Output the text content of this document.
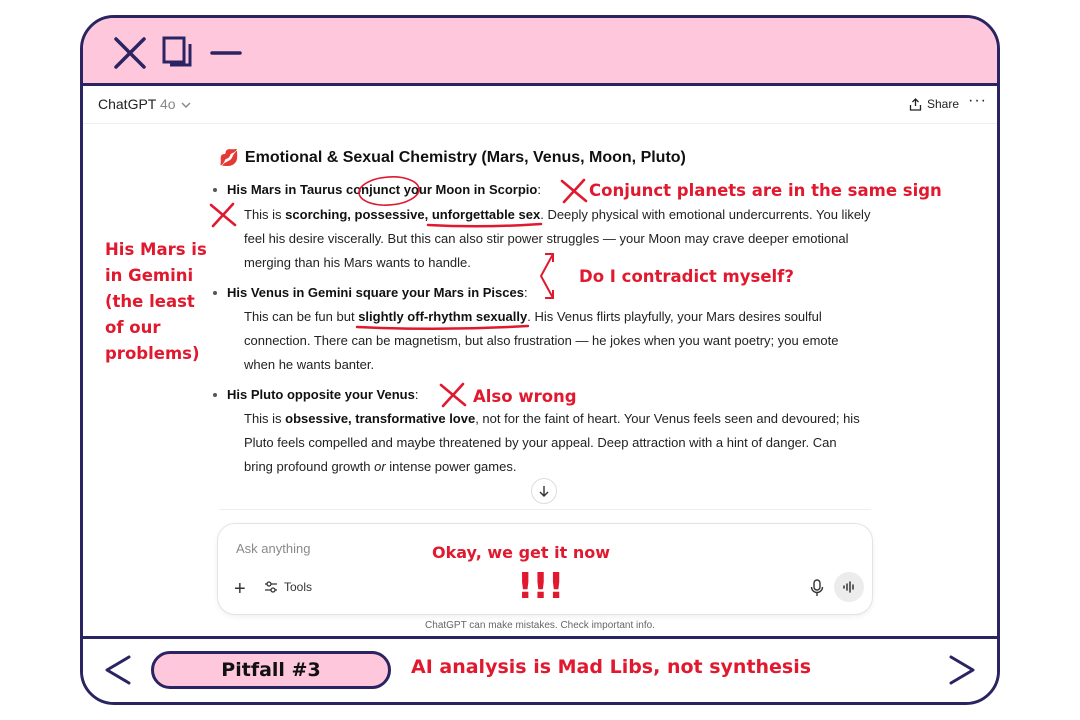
ChatGPT 4o	Share ···
💋 Emotional & Sexual Chemistry (Mars, Venus, Moon, Pluto)
His Mars in Taurus conjunct your Moon in Scorpio:
This is scorching, possessive, unforgettable sex. Deeply physical with emotional undercurrents. You likely
feel his desire viscerally. But this can also stir power struggles — your Moon may crave deeper emotional
merging than his Mars wants to handle.
His Venus in Gemini square your Mars in Pisces:
This can be fun but slightly off-rhythm sexually. His Venus flirts playfully, your Mars desires soulful
connection. There can be magnetism, but also frustration — he jokes when you want poetry; you emote
when he wants banter.
His Pluto opposite your Venus:
This is obsessive, transformative love, not for the faint of heart. Your Venus feels seen and devoured; his
Pluto feels compelled and maybe threatened by your appeal. Deep attraction with a hint of danger. Can
bring profound growth or intense power games.
Ask anything
+	Tools
ChatGPT can make mistakes. Check important info.
Conjunct planets are in the same sign
His Mars is
in Gemini
(the least
of our
problems)
Do I contradict myself?
Also wrong
Okay, we get it now
!!!
Pitfall #3	AI analysis is Mad Libs, not synthesis
